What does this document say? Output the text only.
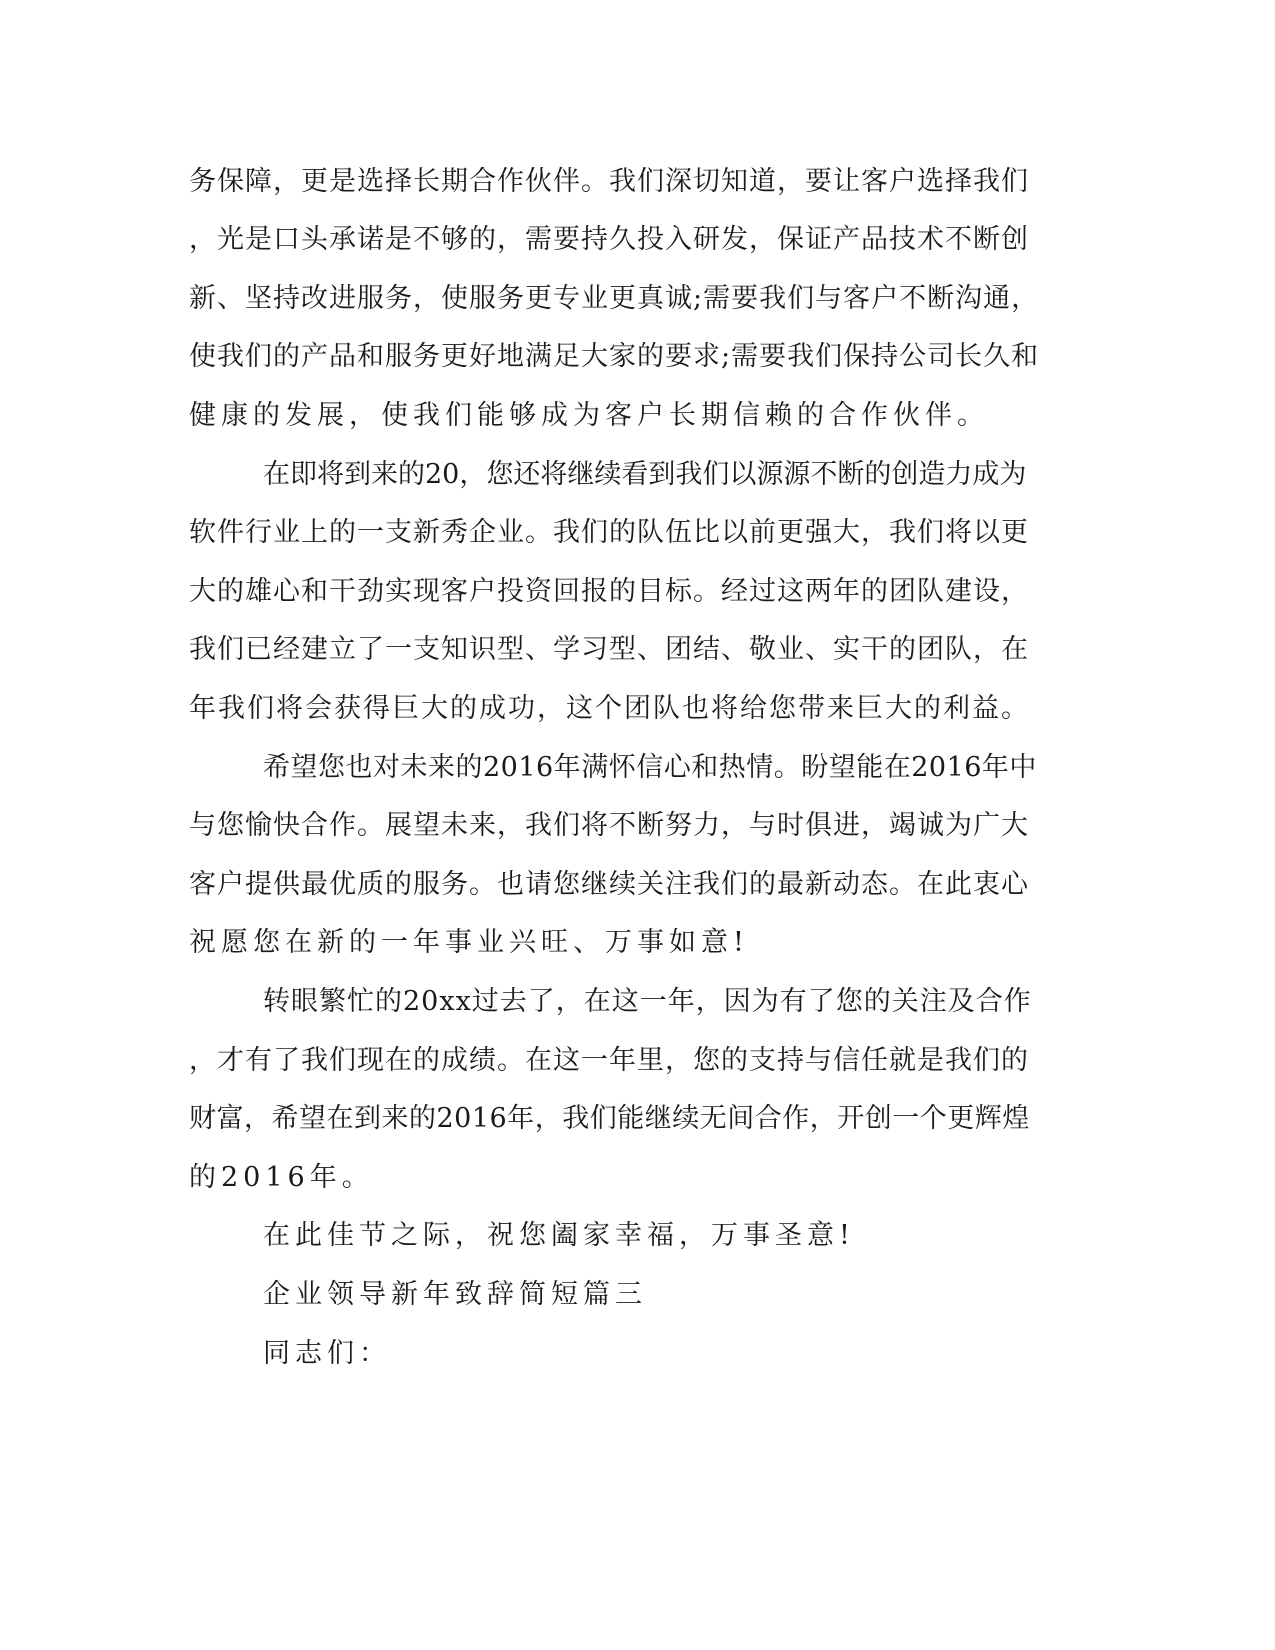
务保障，更是选择长期合作伙伴。我们深切知道，要让客户选择我们
，光是口头承诺是不够的，需要持久投入研发，保证产品技术不断创
新、坚持改进服务，使服务更专业更真诚;需要我们与客户不断沟通，
使我们的产品和服务更好地满足大家的要求;需要我们保持公司长久和
健康的发展，使我们能够成为客户长期信赖的合作伙伴。
在即将到来的20，您还将继续看到我们以源源不断的创造力成为
软件行业上的一支新秀企业。我们的队伍比以前更强大，我们将以更
大的雄心和干劲实现客户投资回报的目标。经过这两年的团队建设，
我们已经建立了一支知识型、学习型、团结、敬业、实干的团队，在
年我们将会获得巨大的成功，这个团队也将给您带来巨大的利益。
希望您也对未来的2016年满怀信心和热情。盼望能在2016年中
与您愉快合作。展望未来，我们将不断努力，与时俱进，竭诚为广大
客户提供最优质的服务。也请您继续关注我们的最新动态。在此衷心
祝愿您在新的一年事业兴旺、万事如意!
转眼繁忙的20xx过去了，在这一年，因为有了您的关注及合作
，才有了我们现在的成绩。在这一年里，您的支持与信任就是我们的
财富，希望在到来的2016年，我们能继续无间合作，开创一个更辉煌
的2016年。
在此佳节之际，祝您阖家幸福，万事圣意!
企业领导新年致辞简短篇三
同志们：
